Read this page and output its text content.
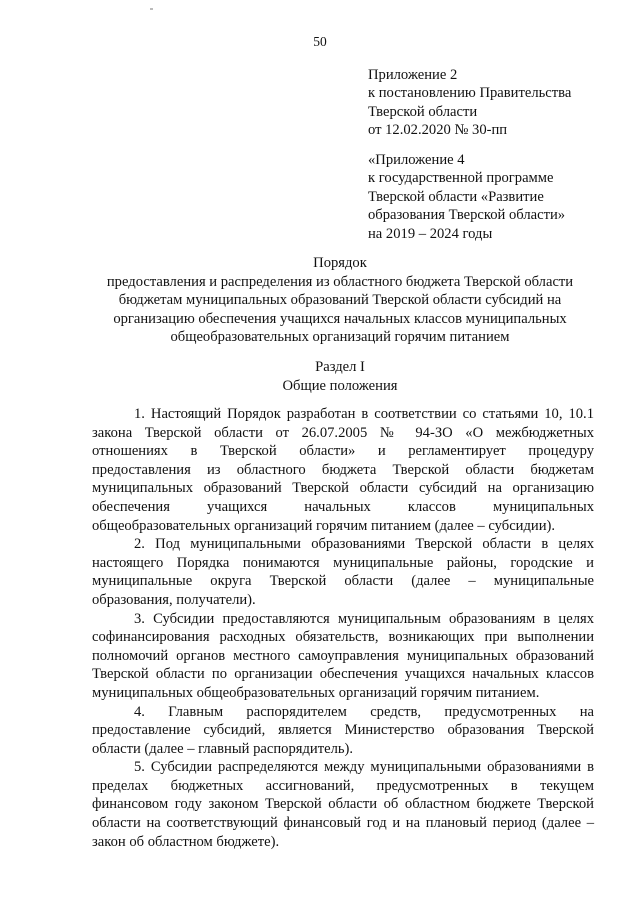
50
Приложение 2
к постановлению Правительства
Тверской области
от 12.02.2020 № 30-пп
«Приложение 4
к государственной программе
Тверской области «Развитие
образования Тверской области»
на 2019 – 2024 годы
Порядок
предоставления и распределения из областного бюджета Тверской области
бюджетам муниципальных образований Тверской области субсидий на
организацию обеспечения учащихся начальных классов муниципальных
общеобразовательных организаций горячим питанием
Раздел I
Общие положения
1. Настоящий Порядок разработан в соответствии со статьями 10, 10.1
закона Тверской области от 26.07.2005 № 94-ЗО «О межбюджетных
отношениях в Тверской области» и регламентирует процедуру
предоставления из областного бюджета Тверской области бюджетам
муниципальных образований Тверской области субсидий на организацию
обеспечения учащихся начальных классов муниципальных
общеобразовательных организаций горячим питанием (далее – субсидии).
2. Под муниципальными образованиями Тверской области в целях
настоящего Порядка понимаются муниципальные районы, городские и
муниципальные округа Тверской области (далее – муниципальные
образования, получатели).
3. Субсидии предоставляются муниципальным образованиям в целях
софинансирования расходных обязательств, возникающих при выполнении
полномочий органов местного самоуправления муниципальных образований
Тверской области по организации обеспечения учащихся начальных классов
муниципальных общеобразовательных организаций горячим питанием.
4. Главным распорядителем средств, предусмотренных на
предоставление субсидий, является Министерство образования Тверской
области (далее – главный распорядитель).
5. Субсидии распределяются между муниципальными образованиями в
пределах бюджетных ассигнований, предусмотренных в текущем
финансовом году законом Тверской области об областном бюджете Тверской
области на соответствующий финансовый год и на плановый период (далее –
закон об областном бюджете).
